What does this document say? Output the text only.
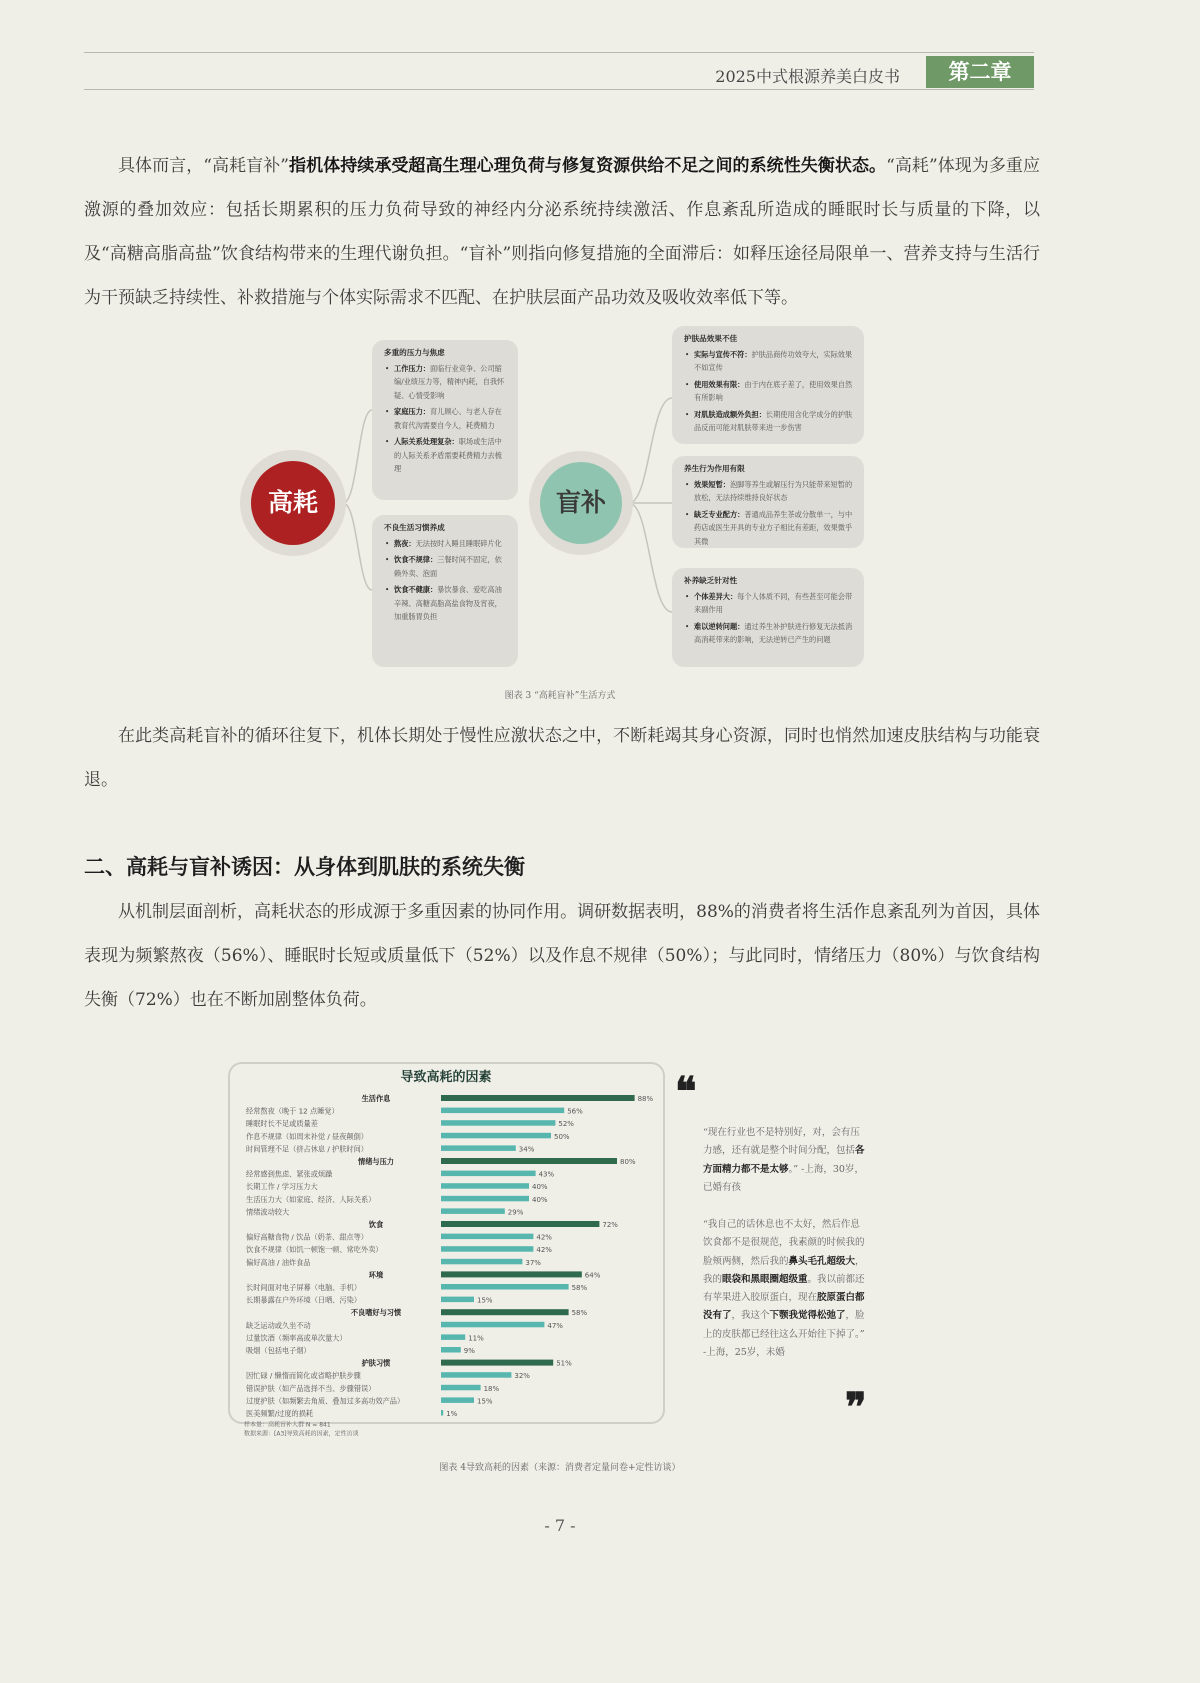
2025中式根源养美白皮书	第二章
具体而言，“高耗盲补”指机体持续承受超高生理心理负荷与修复资源供给不足之间的系统性失衡状态。“高耗”体现为多重应激源的叠加效应：包括长期累积的压力负荷导致的神经内分泌系统持续激活、作息紊乱所造成的睡眠时长与质量的下降，以及“高糖高脂高盐”饮食结构带来的生理代谢负担。“盲补”则指向修复措施的全面滞后：如释压途径局限单一、营养支持与生活行为干预缺乏持续性、补救措施与个体实际需求不匹配、在护肤层面产品功效及吸收效率低下等。
高耗	盲补
多重的压力与焦虑
• 工作压力：面临行业竞争、公司缩编/业绩压力等，精神内耗，自我怀疑、心情受影响
• 家庭压力：育儿顾心、与老人存在教育代沟需要自今人，耗费精力
• 人际关系处理复杂：职场或生活中的人际关系矛盾需要耗费精力去梳理
不良生活习惯养成
• 熬夜：无法按时入睡且睡眠碎片化
• 饮食不规律：三餐时间不固定，依赖外卖、泡面
• 饮食不健康：暴饮暴食、爱吃高油辛辣、高糖高脂高盐食物及宵夜，加重肠胃负担
护肤品效果不佳
• 实际与宣传不符：护肤品商传功效夸大，实际效果不如宣传
• 使用效果有限：由于内在底子差了，使用效果自然有所影响
• 对肌肤造成额外负担：长期使用含化学成分的护肤品反而可能对肌肤带来进一步伤害
养生行为作用有限
• 效果短暂：泡脚等养生或解压行为只能带来短暂的放松，无法持续维持良好状态
• 缺乏专业配方：普通成品养生茶或分散单一，与中药店或医生开具的专业方子相比有差距，效果微乎其微
补养缺乏针对性
• 个体差异大：每个人体质不同，有些甚至可能会带来副作用
• 难以逆转问题：通过养生补护肤进行修复无法抵消高消耗带来的影响，无法逆转已产生的问题
图表 3 “高耗盲补”生活方式
在此类高耗盲补的循环往复下，机体长期处于慢性应激状态之中，不断耗竭其身心资源，同时也悄然加速皮肤结构与功能衰退。
二、高耗与盲补诱因：从身体到肌肤的系统失衡
从机制层面剖析，高耗状态的形成源于多重因素的协同作用。调研数据表明，88%的消费者将生活作息紊乱列为首因，具体表现为频繁熬夜（56%）、睡眠时长短或质量低下（52%）以及作息不规律（50%）；与此同时，情绪压力（80%）与饮食结构失衡（72%）也在不断加剧整体负荷。
导致高耗的因素
生活作息	88%
经常熬夜（晚于 12 点睡觉）	56%
睡眠时长不足或质量差	52%
作息不规律（如周末补觉 / 昼夜颠倒）	50%
时间管理不足（挤占休息 / 护肤时间）	34%
情绪与压力	80%
经常感到焦虑、紧张或烦躁	43%
长期工作 / 学习压力大	40%
生活压力大（如家庭、经济、人际关系）	40%
情绪波动较大	29%
饮食	72%
偏好高糖食物 / 饮品（奶茶、甜点等）	42%
饮食不规律（如饥一顿饱一顿、常吃外卖）	42%
偏好高油 / 油炸食品	37%
环境	64%
长时间面对电子屏幕（电脑、手机）	58%
长期暴露在户外环境（日晒、污染）	15%
不良嗜好与习惯	58%
缺乏运动或久坐不动	47%
过量饮酒（频率高或单次量大）	11%
吸烟（包括电子烟）	9%
护肤习惯	51%
因忙碌 / 懒惰而简化或省略护肤步骤	32%
错误护肤（如产品选择不当、步骤错误）	18%
过度护肤（如频繁去角质、叠加过多高功效产品）	15%
医美频繁/过度的损耗	1%
样本量：高耗盲补人群 N = 841
数据来源：[A3]导致高耗的因素，定性访谈
❝
“现在行业也不是特别好，对，会有压力感，还有就是整个时间分配，包括各方面精力都不是太够。” -上海，30岁，已婚有孩
“我自己的话休息也不太好，然后作息饮食都不是很规范，我素颜的时候我的脸颊两侧，然后我的鼻头毛孔超级大，我的眼袋和黑眼圈超级重。我以前都还有苹果进入胶原蛋白，现在胶原蛋白都没有了，我这个下颚我觉得松弛了，脸上的皮肤都已经往这么开始往下掉了。” -上海，25岁，未婚
❞
图表 4导致高耗的因素（来源：消费者定量问卷+定性访谈）
- 7 -
